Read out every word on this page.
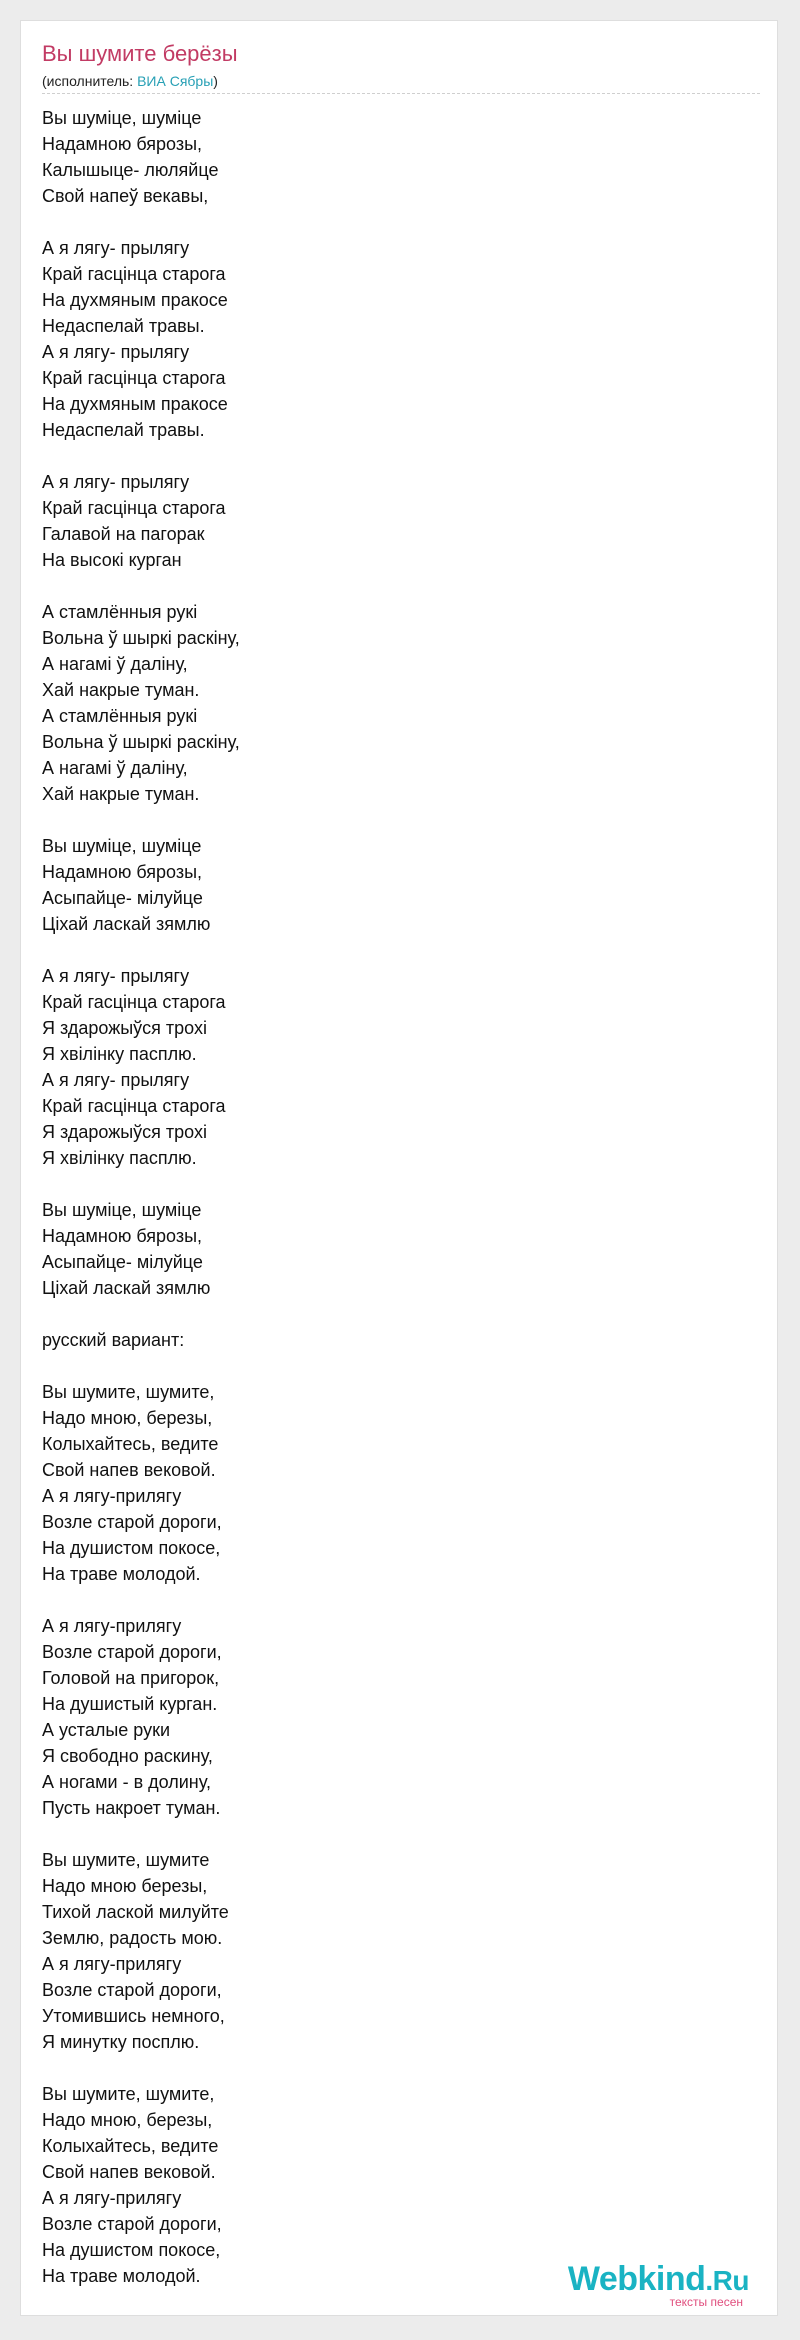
Вы шумите берёзы
(исполнитель: ВИА Сябры)
Вы шуміце, шуміце
Надамною бярозы,
Калышыце- люляйце
Свой напеў векавы,

А я лягу- прылягу
Край гасцінца старога
На духмяным пракосе
Недаспелай травы.
А я лягу- прылягу
Край гасцінца старога
На духмяным пракосе
Недаспелай травы.

А я лягу- прылягу
Край гасцінца старога
Галавой на пагорак
На высокі курган

А стамлённыя рукі
Вольна ў шыркі раскіну,
А нагамі ў даліну,
Хай накрые туман.
А стамлённыя рукі
Вольна ў шыркі раскіну,
А нагамі ў даліну,
Хай накрые туман.

Вы шуміце, шуміце
Надамною бярозы,
Асыпайце- мілуйце
Ціхай ласкай зямлю

А я лягу- прылягу
Край гасцінца старога
Я здарожыўся трохі
Я хвілінку пасплю.
А я лягу- прылягу
Край гасцінца старога
Я здарожыўся трохі
Я хвілінку пасплю.

Вы шуміце, шуміце
Надамною бярозы,
Асыпайце- мілуйце
Ціхай ласкай зямлю

русский вариант:

Вы шумите, шумите,
Надо мною, березы,
Колыхайтесь, ведите
Свой напев вековой.
А я лягу-прилягу
Возле старой дороги,
На душистом покосе,
На траве молодой.

А я лягу-прилягу
Возле старой дороги,
Головой на пригорок,
На душистый курган.
А усталые руки
Я свободно раскину,
А ногами - в долину,
Пусть накроет туман.

Вы шумите, шумите
Надо мною березы,
Тихой лаской милуйте
Землю, радость мою.
А я лягу-прилягу
Возле старой дороги,
Утомившись немного,
Я минутку посплю.

Вы шумите, шумите,
Надо мною, березы,
Колыхайтесь, ведите
Свой напев вековой.
А я лягу-прилягу
Возле старой дороги,
На душистом покосе,
На траве молодой.	Webkind.Ru
тексты песен
